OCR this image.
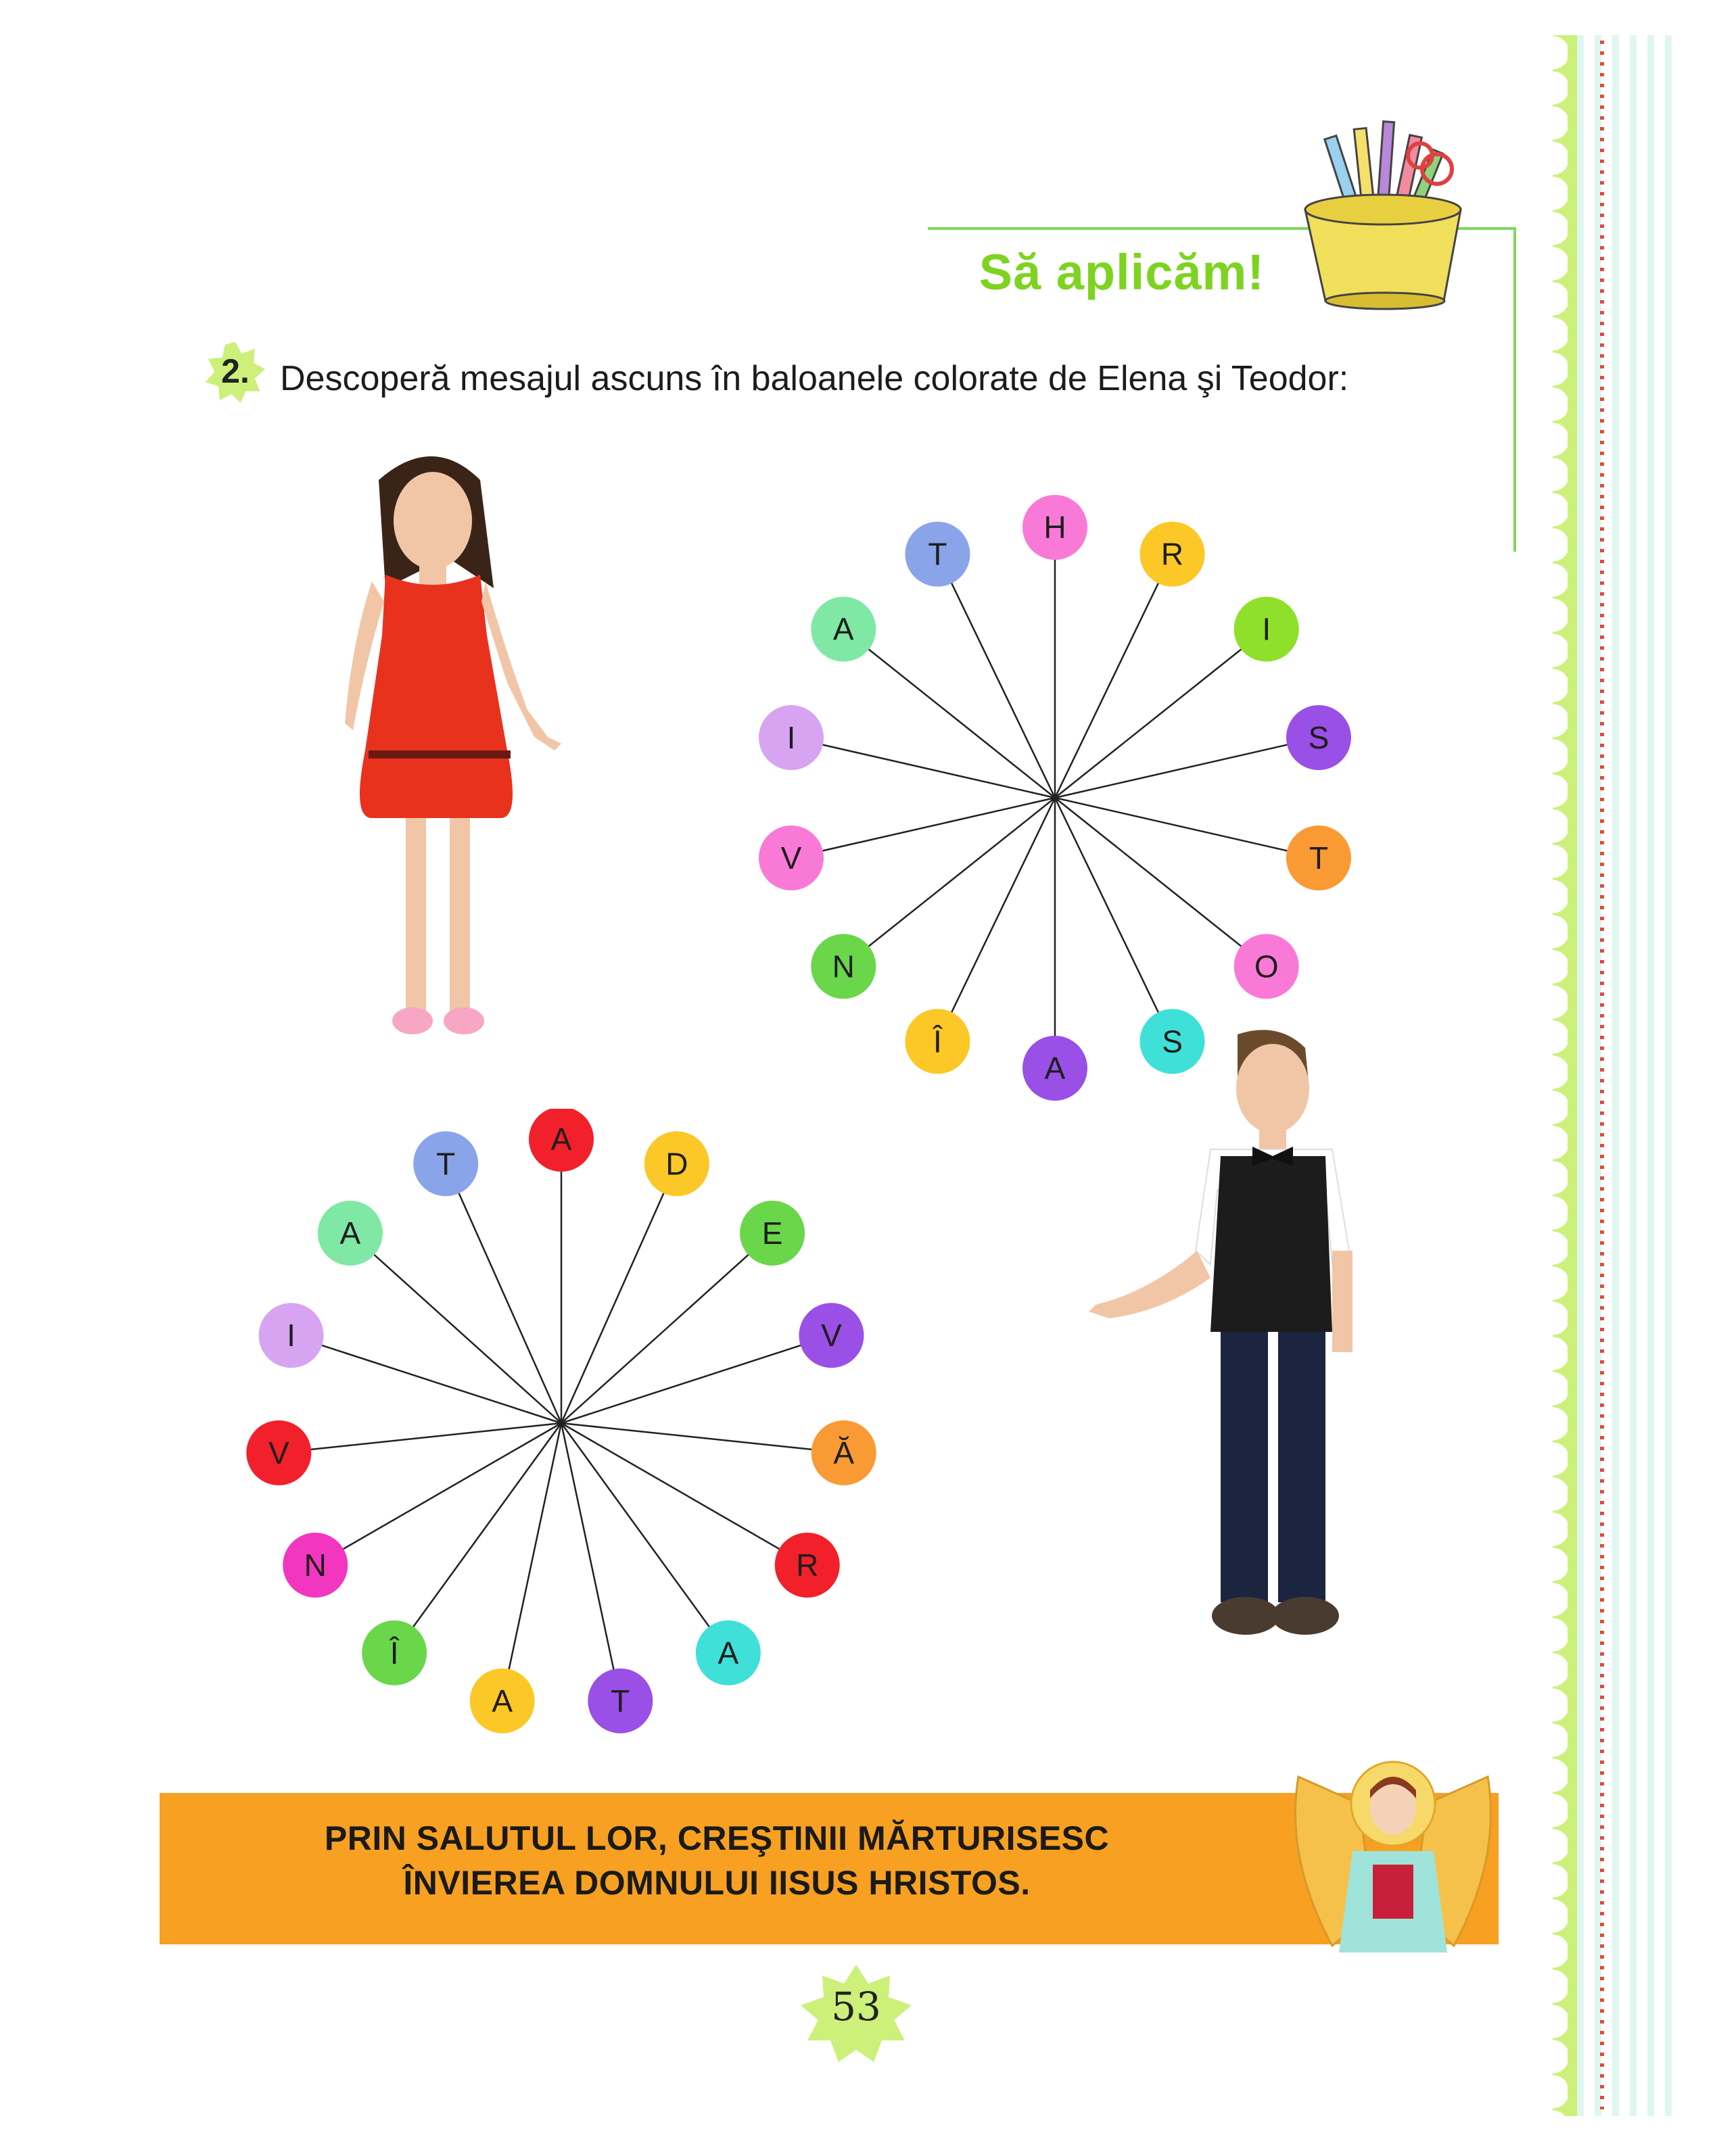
Să aplicăm!
2. Descoperă mesajul ascuns în baloanele colorate de Elena şi Teodor:
H
R
I
S
T
O
S
A
Î
N
V
I
A
T
A
D
E
V
Ă
R
A
T
A
Î
N
V
I
A
T
PRIN SALUTUL LOR, CREŞTINII MĂRTURISESC
ÎNVIEREA DOMNULUI IISUS HRISTOS.
53
